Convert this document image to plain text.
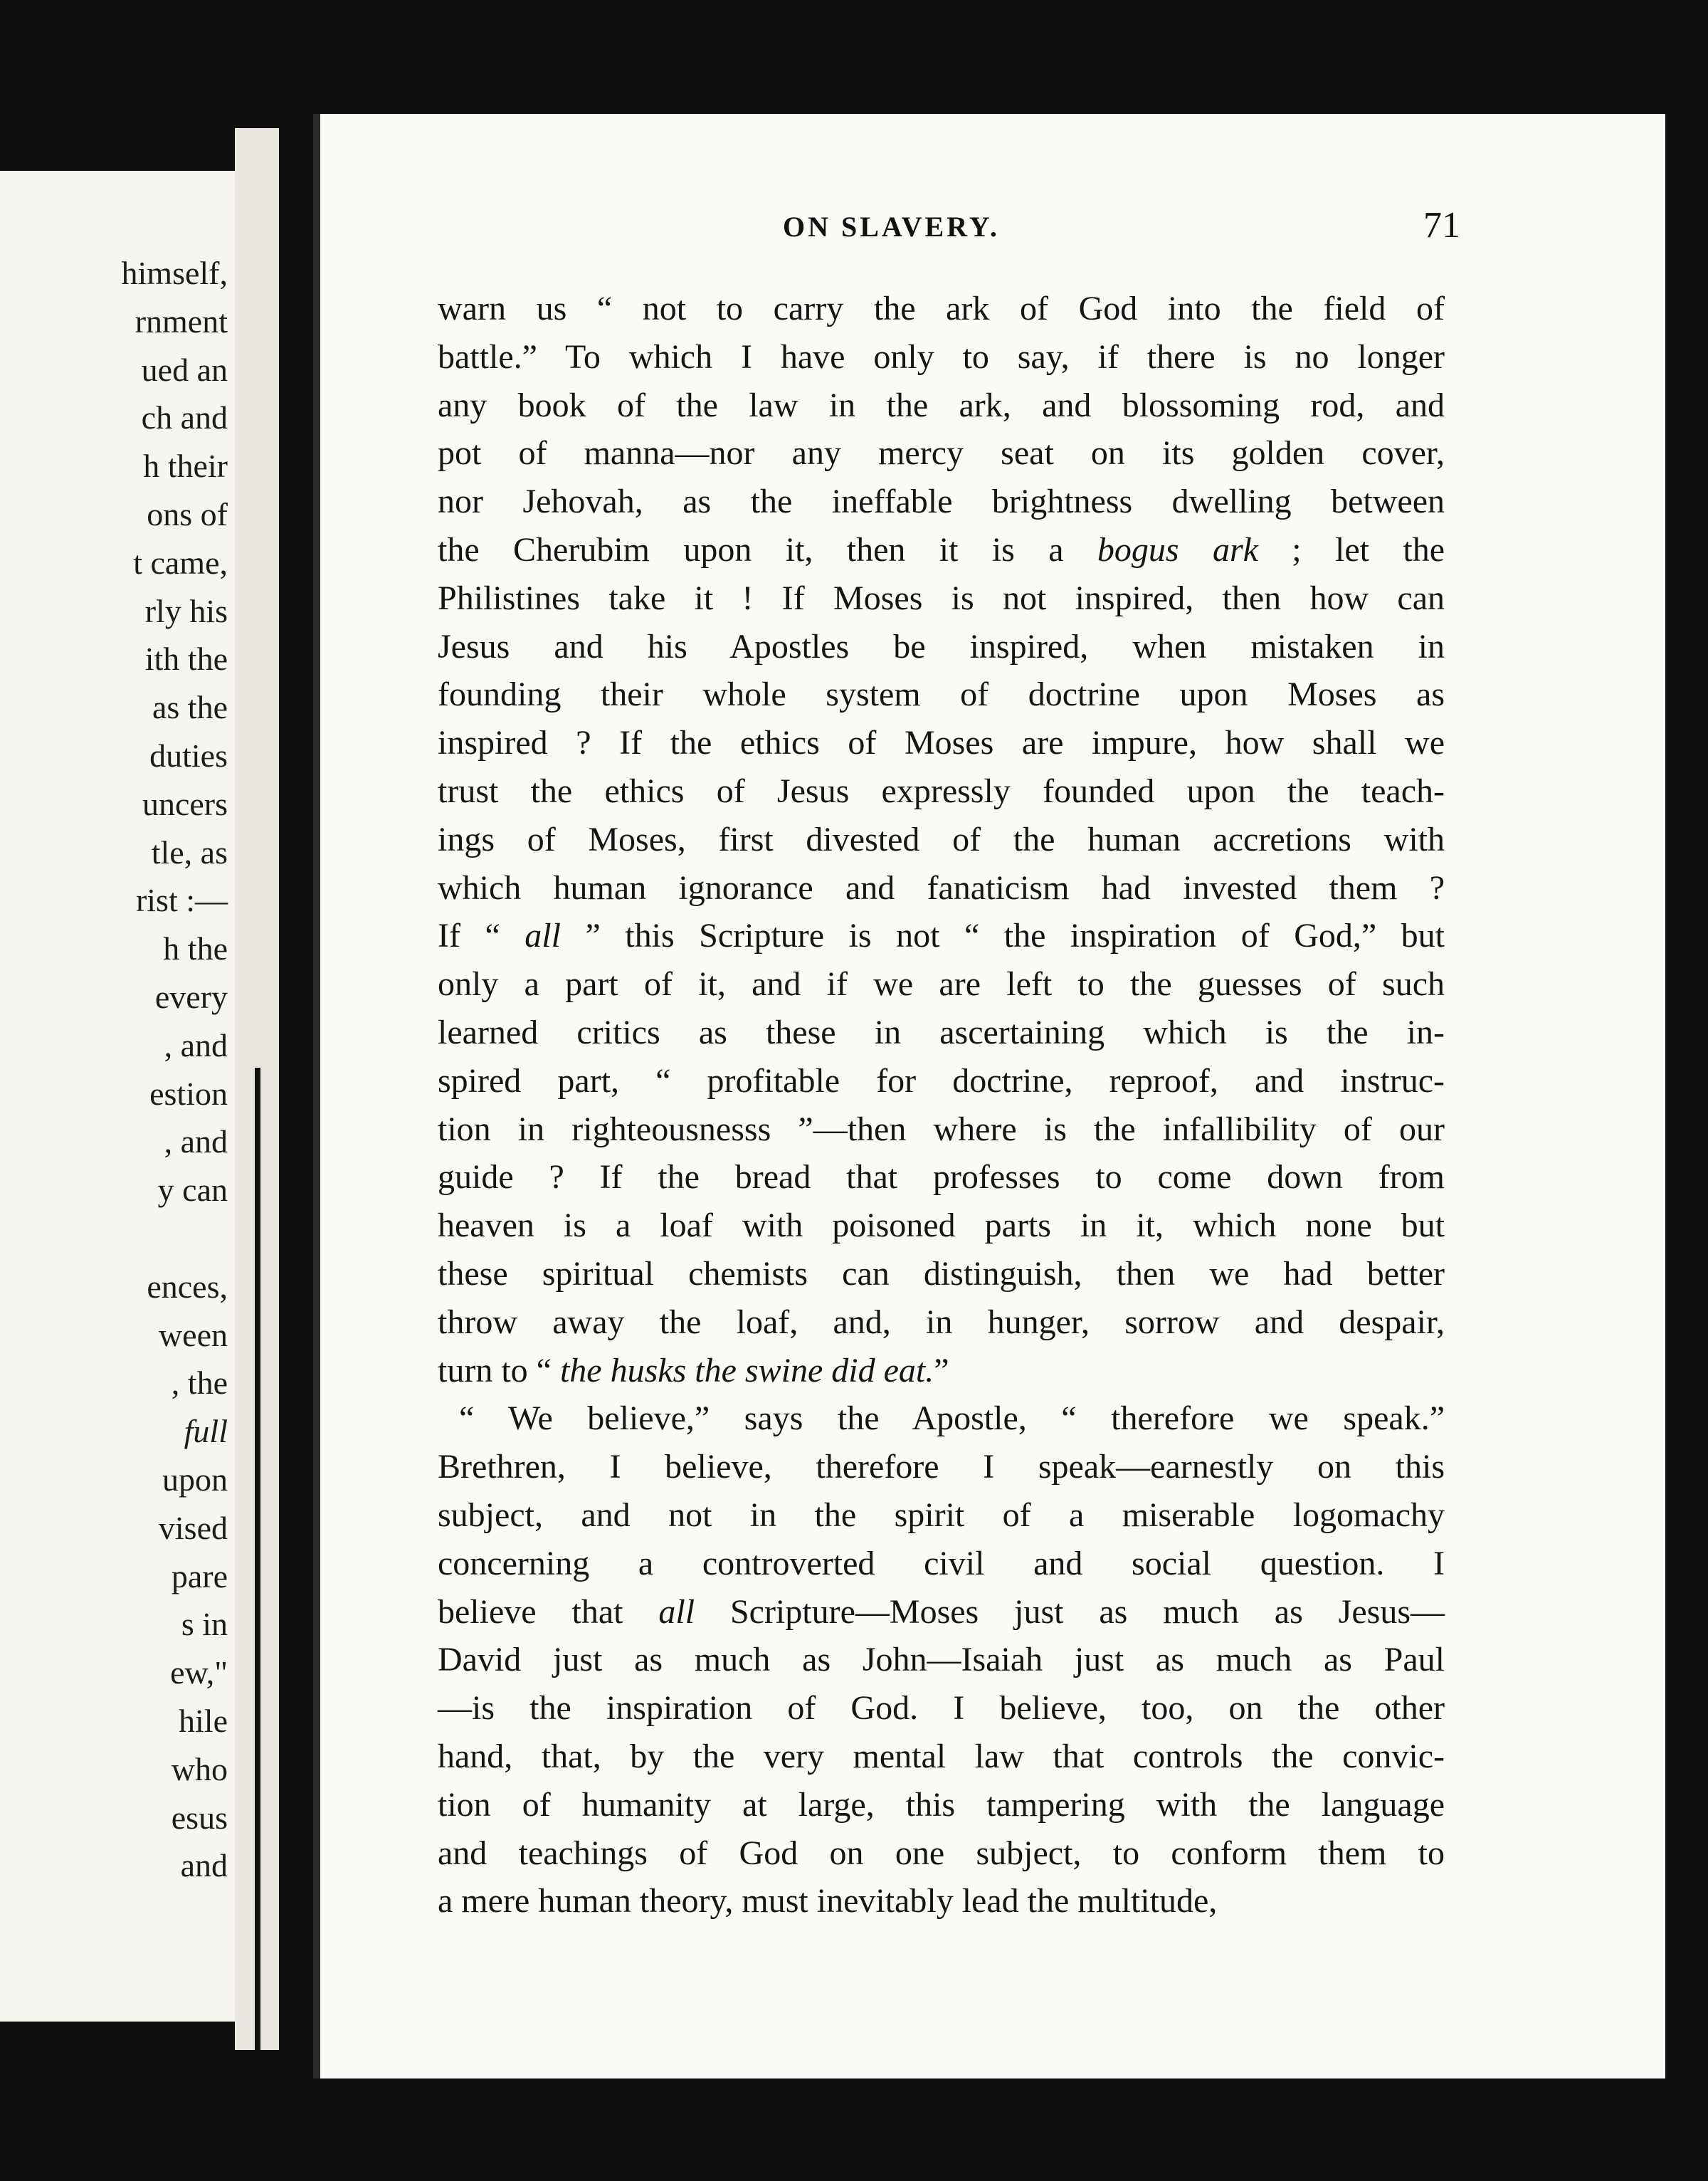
himself,
rnment
ued an
ch and
h their
ons of
t came,
rly his
ith the
as the
duties
uncers
tle, as
rist :—
h the
every
, and
estion
, and
y can
ences,
ween
, the
full
upon
vised
pare
s in
ew,"
hile
who
esus
and
ON SLAVERY.	71
warn us “ not to carry the ark of God into the field of
battle.” To which I have only to say, if there is no longer
any book of the law in the ark, and blossoming rod, and
pot of manna—nor any mercy seat on its golden cover,
nor Jehovah, as the ineffable brightness dwelling between
the Cherubim upon it, then it is a bogus ark ; let the
Philistines take it ! If Moses is not inspired, then how can
Jesus and his Apostles be inspired, when mistaken in
founding their whole system of doctrine upon Moses as
inspired ? If the ethics of Moses are impure, how shall we
trust the ethics of Jesus expressly founded upon the teach-
ings of Moses, first divested of the human accretions with
which human ignorance and fanaticism had invested them ?
If “ all ” this Scripture is not “ the inspiration of God,” but
only a part of it, and if we are left to the guesses of such
learned critics as these in ascertaining which is the in-
spired part, “ profitable for doctrine, reproof, and instruc-
tion in righteousnesss ”—then where is the infallibility of our
guide ? If the bread that professes to come down from
heaven is a loaf with poisoned parts in it, which none but
these spiritual chemists can distinguish, then we had better
throw away the loaf, and, in hunger, sorrow and despair,
turn to “ the husks the swine did eat.”
“ We believe,” says the Apostle, “ therefore we speak.”
Brethren, I believe, therefore I speak—earnestly on this
subject, and not in the spirit of a miserable logomachy
concerning a controverted civil and social question. I
believe that all Scripture—Moses just as much as Jesus—
David just as much as John—Isaiah just as much as Paul
—is the inspiration of God. I believe, too, on the other
hand, that, by the very mental law that controls the convic-
tion of humanity at large, this tampering with the language
and teachings of God on one subject, to conform them to
a mere human theory, must inevitably lead the multitude,
